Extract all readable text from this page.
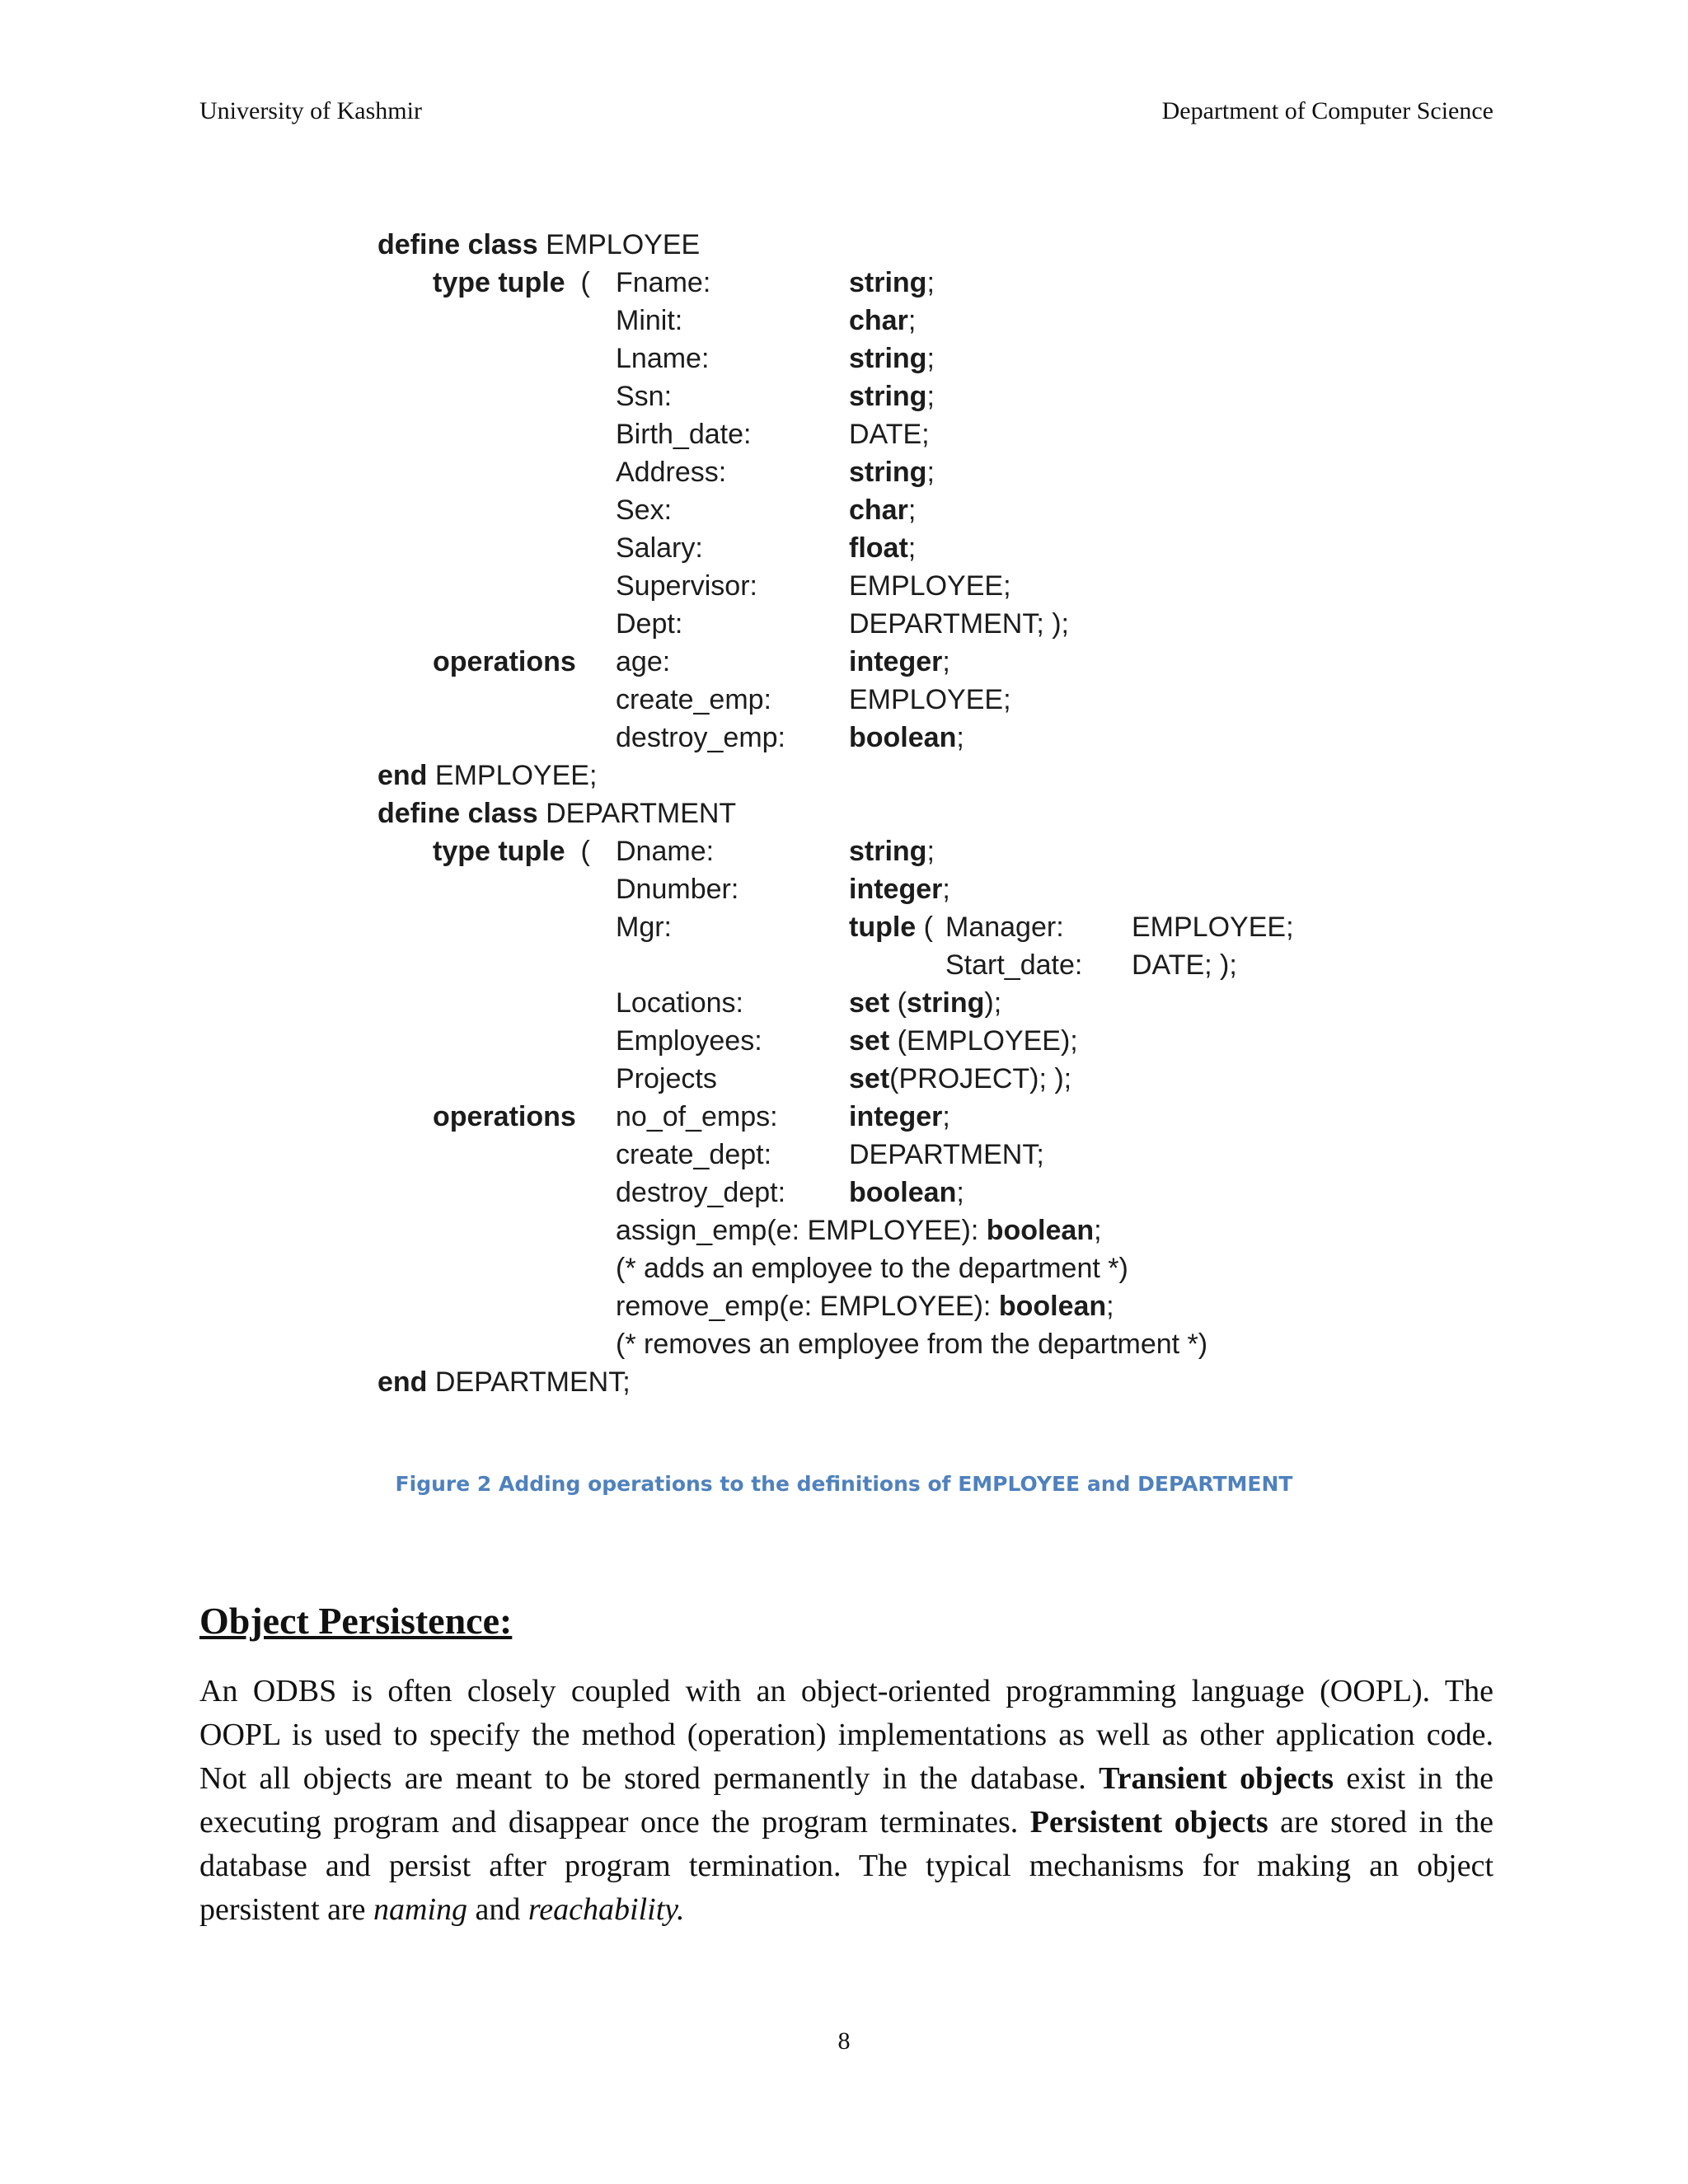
University of Kashmir	Department of Computer Science
define class EMPLOYEE
type tuple  ( Fname:	string;
Minit:	char;
Lname:	string;
Ssn:	string;
Birth_date:	DATE;
Address:	string;
Sex:	char;
Salary:	float;
Supervisor:	EMPLOYEE;
Dept:	DEPARTMENT; );
operations age:	integer;
create_emp:	EMPLOYEE;
destroy_emp: boolean;
end EMPLOYEE;
define class DEPARTMENT
type tuple  ( Dname:	string;
Dnumber:	integer;
Mgr:	tuple ( Manager: EMPLOYEE;
Start_date: DATE; );
Locations:	set (string);
Employees:	set (EMPLOYEE);
Projects	set(PROJECT); );
operations no_of_emps:	integer;
create_dept:	DEPARTMENT;
destroy_dept: boolean;
assign_emp(e: EMPLOYEE): boolean;
(* adds an employee to the department *)
remove_emp(e: EMPLOYEE): boolean;
(* removes an employee from the department *)
end DEPARTMENT;
Figure 2 Adding operations to the definitions of EMPLOYEE and DEPARTMENT
Object Persistence:
An ODBS is often closely coupled with an object-oriented programming language (OOPL). The OOPL is used to specify the method (operation) implementations as well as other application code. Not all objects are meant to be stored permanently in the database. Transient objects exist in the executing program and disappear once the program terminates. Persistent objects are stored in the database and persist after program termination. The typical mechanisms for making an object persistent are naming and reachability.
8
